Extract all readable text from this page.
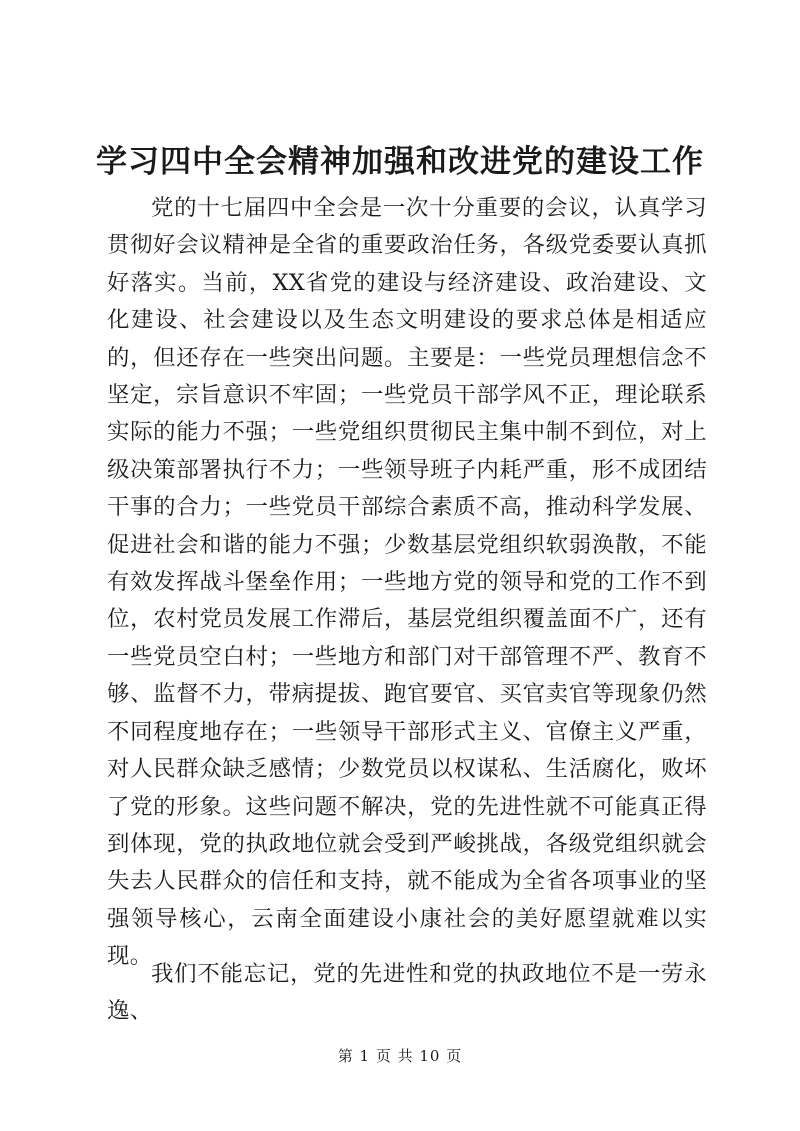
学习四中全会精神加强和改进党的建设工作

党的十七届四中全会是一次十分重要的会议，认真学习贯彻好会议精神是全省的重要政治任务，各级党委要认真抓好落实。当前，XX省党的建设与经济建设、政治建设、文化建设、社会建设以及生态文明建设的要求总体是相适应的，但还存在一些突出问题。主要是：一些党员理想信念不坚定，宗旨意识不牢固；一些党员干部学风不正，理论联系实际的能力不强；一些党组织贯彻民主集中制不到位，对上级决策部署执行不力；一些领导班子内耗严重，形不成团结干事的合力；一些党员干部综合素质不高，推动科学发展、促进社会和谐的能力不强；少数基层党组织软弱涣散，不能有效发挥战斗堡垒作用；一些地方党的领导和党的工作不到位，农村党员发展工作滞后，基层党组织覆盖面不广，还有一些党员空白村；一些地方和部门对干部管理不严、教育不够、监督不力，带病提拔、跑官要官、买官卖官等现象仍然不同程度地存在；一些领导干部形式主义、官僚主义严重，对人民群众缺乏感情；少数党员以权谋私、生活腐化，败坏了党的形象。这些问题不解决，党的先进性就不可能真正得到体现，党的执政地位就会受到严峻挑战，各级党组织就会失去人民群众的信任和支持，就不能成为全省各项事业的坚强领导核心，云南全面建设小康社会的美好愿望就难以实现。

我们不能忘记，党的先进性和党的执政地位不是一劳永逸、

第 1 页 共 10 页
